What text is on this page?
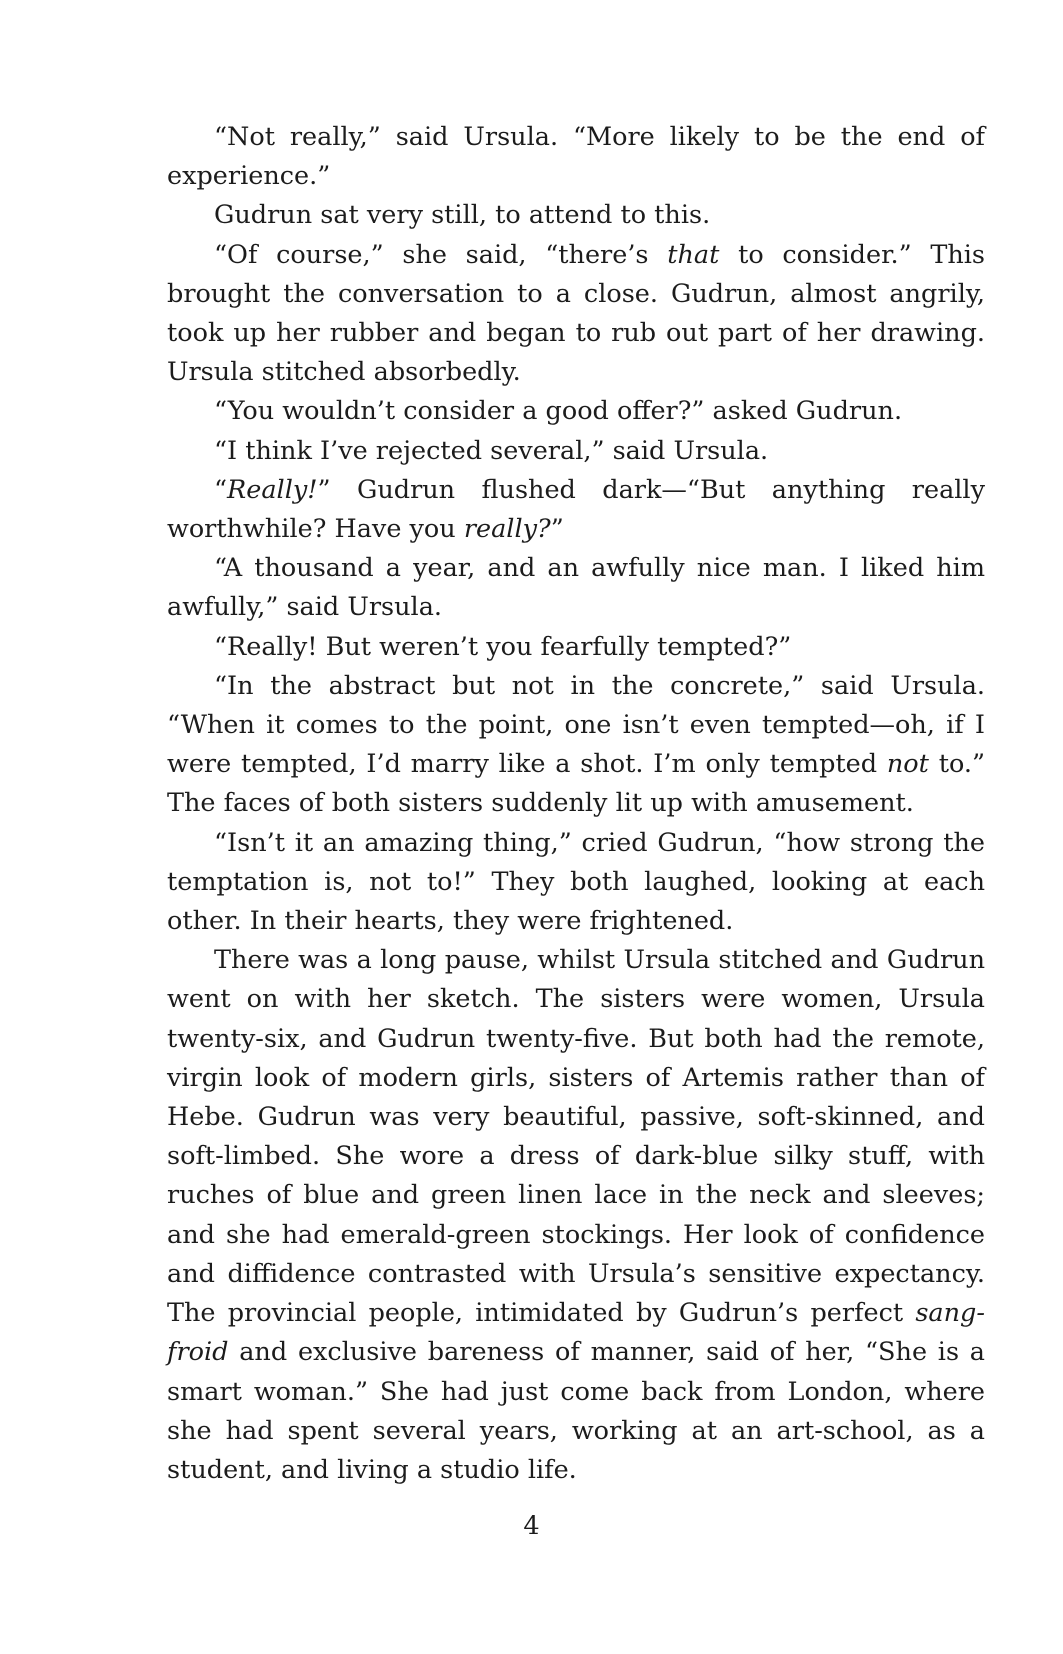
“Not really,” said Ursula. “More likely to be the end of experience.”

Gudrun sat very still, to attend to this.

“Of course,” she said, “there’s that to consider.” This brought the conversation to a close. Gudrun, almost angrily, took up her rubber and began to rub out part of her drawing. Ursula stitched absorbedly.

“You wouldn’t consider a good offer?” asked Gudrun.

“I think I’ve rejected several,” said Ursula.

“Really!” Gudrun flushed dark—“But anything really worthwhile? Have you really?”

“A thousand a year, and an awfully nice man. I liked him awfully,” said Ursula.

“Really! But weren’t you fearfully tempted?”

“In the abstract but not in the concrete,” said Ursula. “When it comes to the point, one isn’t even tempted—oh, if I were tempted, I’d marry like a shot. I’m only tempted not to.” The faces of both sisters suddenly lit up with amusement.

“Isn’t it an amazing thing,” cried Gudrun, “how strong the temptation is, not to!” They both laughed, looking at each other. In their hearts, they were frightened.

There was a long pause, whilst Ursula stitched and Gudrun went on with her sketch. The sisters were women, Ursula twenty-six, and Gudrun twenty-five. But both had the remote, virgin look of modern girls, sisters of Artemis rather than of Hebe. Gudrun was very beautiful, passive, soft-skinned, and soft-limbed. She wore a dress of dark-blue silky stuff, with ruches of blue and green linen lace in the neck and sleeves; and she had emerald-green stockings. Her look of confidence and diffidence contrasted with Ursula’s sensitive expectancy. The provincial people, intimidated by Gudrun’s perfect sang-froid and exclusive bareness of manner, said of her, “She is a smart woman.” She had just come back from London, where she had spent several years, working at an art-school, as a student, and living a studio life.

4
